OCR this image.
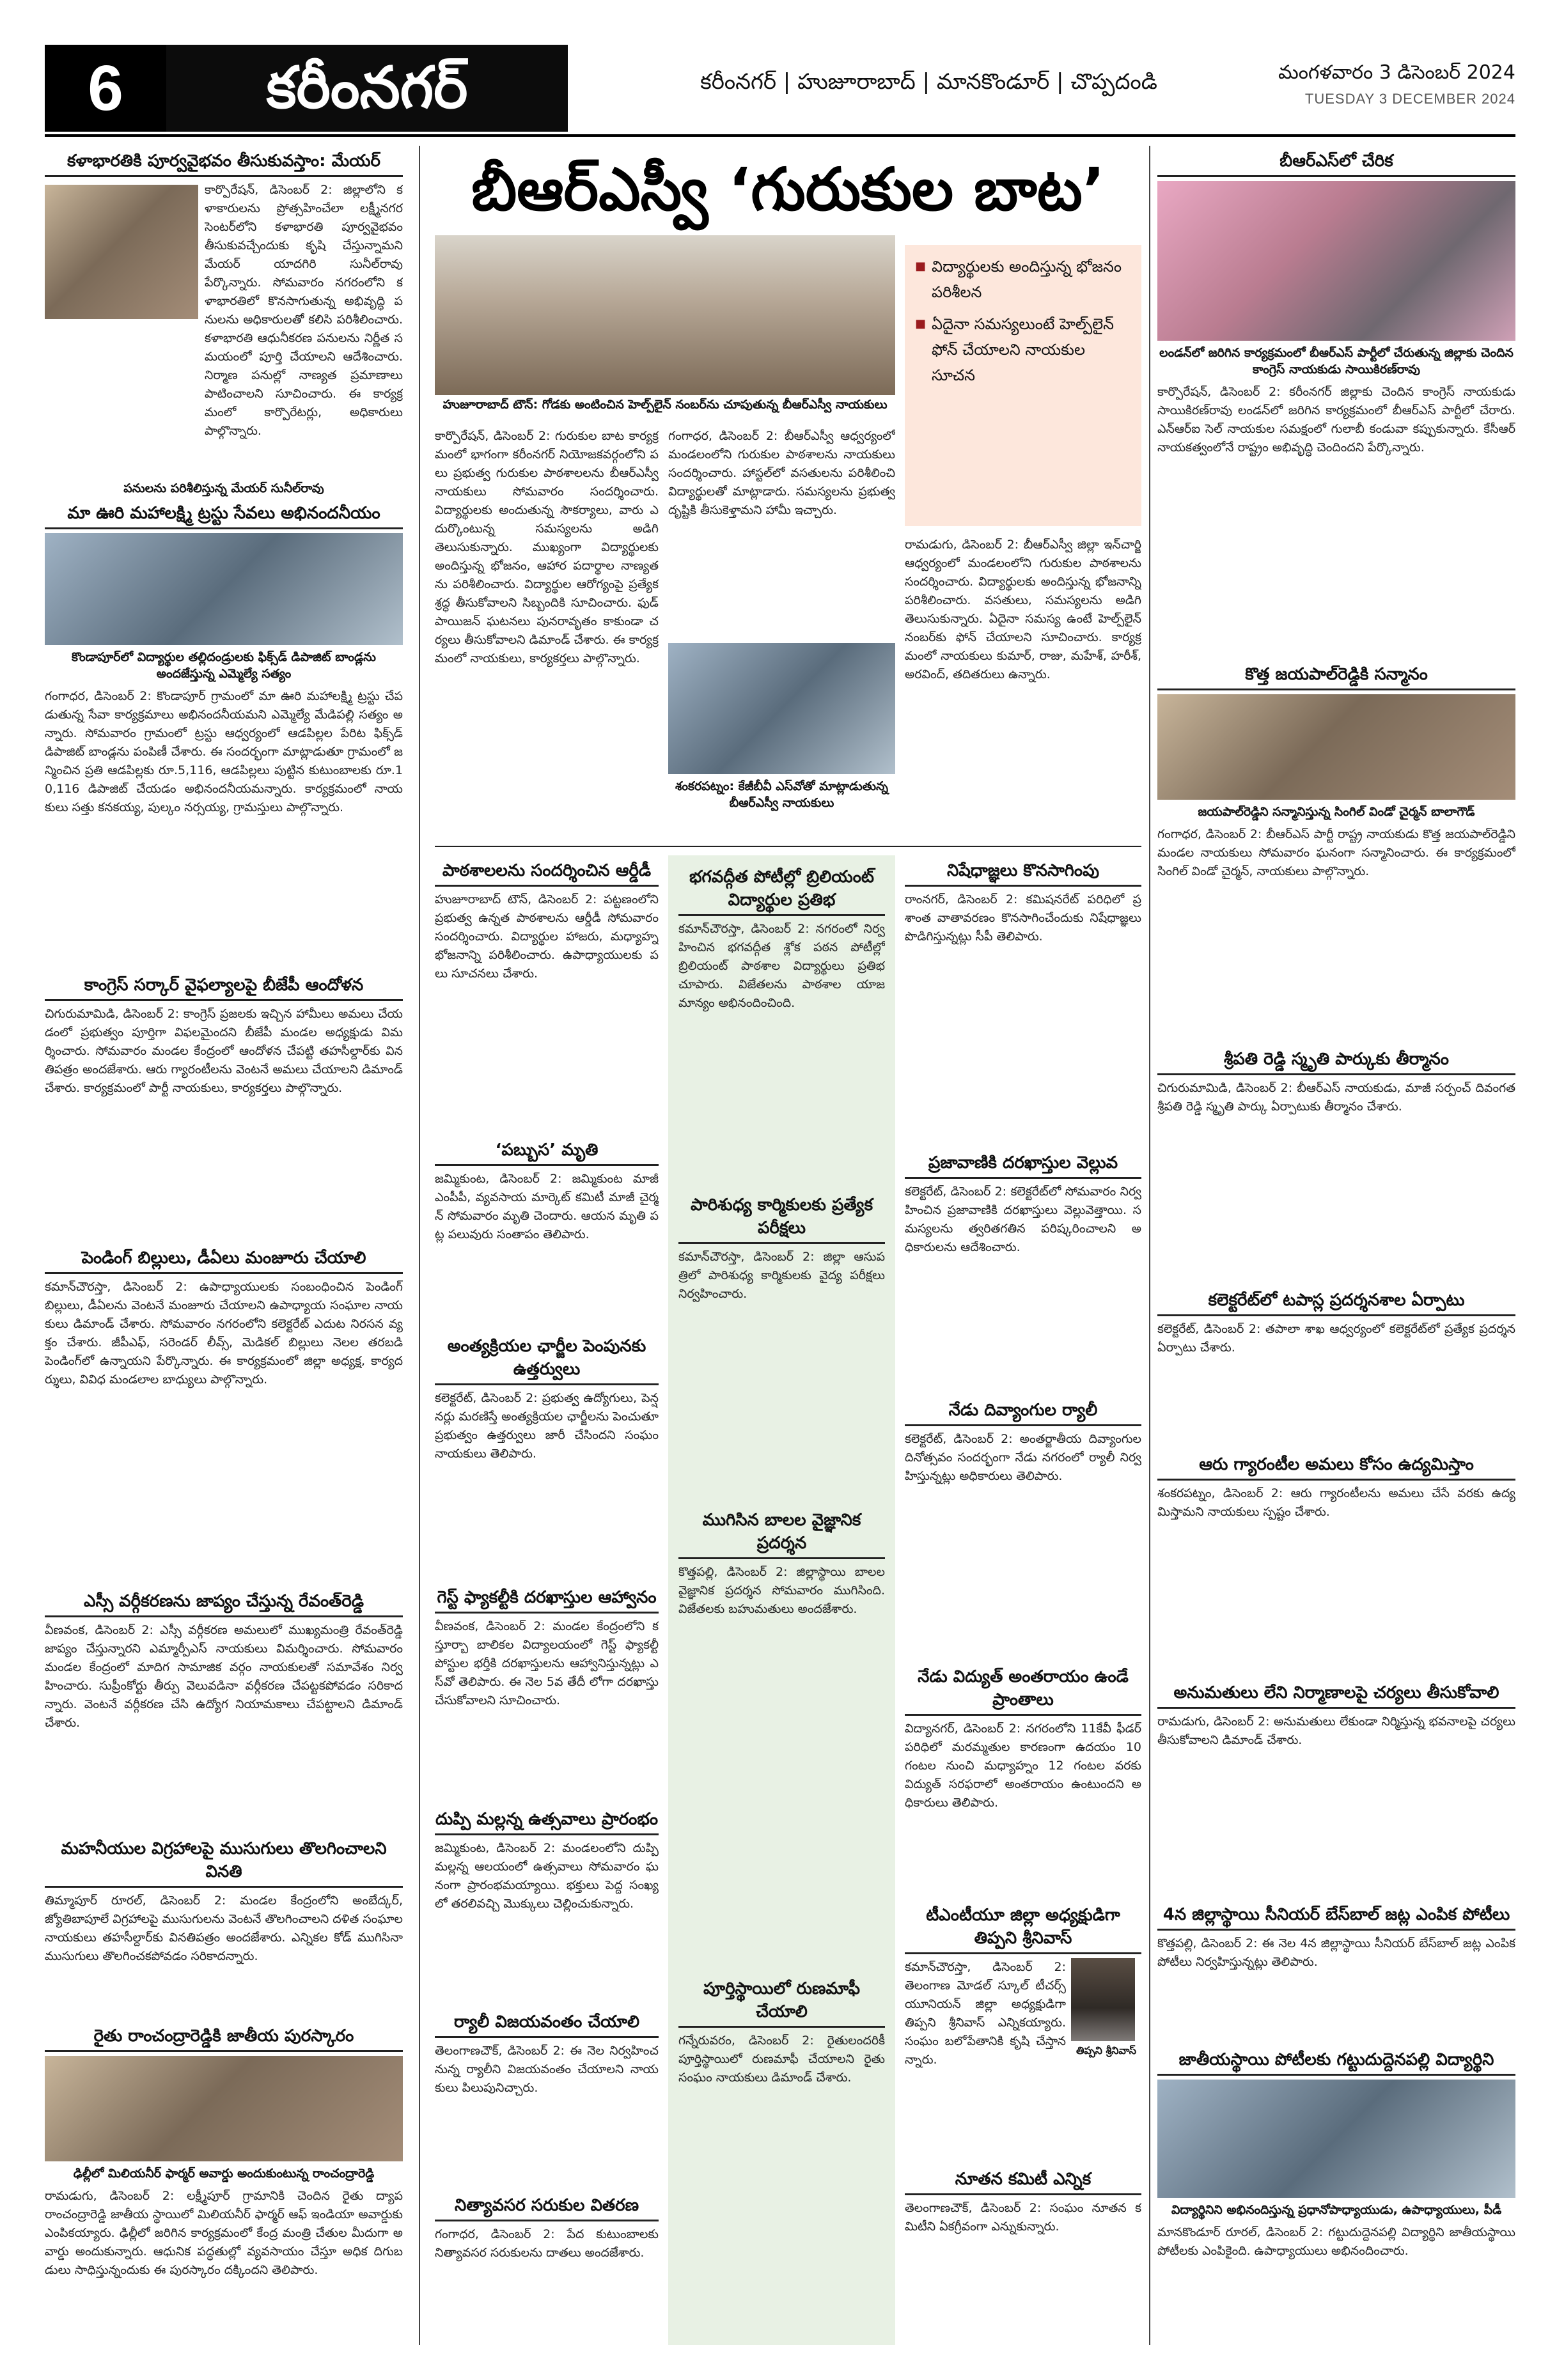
6	కరీంనగర్	కరీంనగర్ | హుజూరాబాద్ | మానకొండూర్ | చొప్పదండి	మంగళవారం 3 డిసెంబర్ 2024
TUESDAY 3 DECEMBER 2024
కళాభారతికి పూర్వవైభవం తీసుకువస్తాం: మేయర్
కార్పొరేషన్, డిసెంబర్ 2: జిల్లాలోని కళాకారులను ప్రోత్సహించేలా లక్ష్మీనగర సెంటర్‌లోని కళాభారతి పూర్వవైభవం తీసుకువచ్చేందుకు కృషి చేస్తున్నామని మేయర్ యాదగిరి సునీల్‌రావు పేర్కొన్నారు. సోమవారం నగరంలోని కళాభారతిలో కొనసాగుతున్న అభివృద్ధి పనులను అధికారులతో కలిసి పరిశీలించారు. కళాభారతి ఆధునీకరణ పనులను నిర్ణీత సమయంలో పూర్తి చేయాలని ఆదేశించారు. నిర్మాణ పనుల్లో నాణ్యత ప్రమాణాలు పాటించాలని సూచించారు. ఈ కార్యక్రమంలో కార్పొరేటర్లు, అధికారులు పాల్గొన్నారు.
పనులను పరిశీలిస్తున్న మేయర్ సునీల్‌రావు
మా ఊరి మహాలక్ష్మి ట్రస్టు సేవలు అభినందనీయం
కొండాపూర్‌లో విద్యార్థుల తల్లిదండ్రులకు ఫిక్స్‌డ్ డిపాజిట్ బాండ్లను అందజేస్తున్న ఎమ్మెల్యే సత్యం
గంగాధర, డిసెంబర్ 2: కొండాపూర్ గ్రామంలో మా ఊరి మహాలక్ష్మి ట్రస్టు చేపడుతున్న సేవా కార్యక్రమాలు అభినందనీయమని ఎమ్మెల్యే మేడిపల్లి సత్యం అన్నారు. సోమవారం గ్రామంలో ట్రస్టు ఆధ్వర్యంలో ఆడపిల్లల పేరిట ఫిక్స్‌డ్ డిపాజిట్ బాండ్లను పంపిణీ చేశారు. ఈ సందర్భంగా మాట్లాడుతూ గ్రామంలో జన్మించిన ప్రతి ఆడపిల్లకు రూ.5,116, ఆడపిల్లలు పుట్టిన కుటుంబాలకు రూ.10,116 డిపాజిట్ చేయడం అభినందనీయమన్నారు. కార్యక్రమంలో నాయకులు సత్తు కనకయ్య, పుల్కం నర్సయ్య, గ్రామస్తులు పాల్గొన్నారు.
కాంగ్రెస్ సర్కార్ వైఫల్యాలపై బీజేపీ ఆందోళన
చిగురుమామిడి, డిసెంబర్ 2: కాంగ్రెస్ ప్రజలకు ఇచ్చిన హామీలు అమలు చేయడంలో ప్రభుత్వం పూర్తిగా విఫలమైందని బీజేపీ మండల అధ్యక్షుడు విమర్శించారు. సోమవారం మండల కేంద్రంలో ఆందోళన చేపట్టి తహసీల్దార్‌కు వినతిపత్రం అందజేశారు. ఆరు గ్యారంటీలను వెంటనే అమలు చేయాలని డిమాండ్ చేశారు. కార్యక్రమంలో పార్టీ నాయకులు, కార్యకర్తలు పాల్గొన్నారు.
పెండింగ్ బిల్లులు, డీఏలు మంజూరు చేయాలి
కమాన్‌చౌరస్తా, డిసెంబర్ 2: ఉపాధ్యాయులకు సంబంధించిన పెండింగ్ బిల్లులు, డీఏలను వెంటనే మంజూరు చేయాలని ఉపాధ్యాయ సంఘాల నాయకులు డిమాండ్ చేశారు. సోమవారం నగరంలోని కలెక్టరేట్ ఎదుట నిరసన వ్యక్తం చేశారు. జీపీఎఫ్, సరెండర్ లీవ్స్, మెడికల్ బిల్లులు నెలల తరబడి పెండింగ్‌లో ఉన్నాయని పేర్కొన్నారు. ఈ కార్యక్రమంలో జిల్లా అధ్యక్ష, కార్యదర్శులు, వివిధ మండలాల బాధ్యులు పాల్గొన్నారు.
ఎస్సీ వర్గీకరణను జాప్యం చేస్తున్న రేవంత్‌రెడ్డి
వీణవంక, డిసెంబర్ 2: ఎస్సీ వర్గీకరణ అమలులో ముఖ్యమంత్రి రేవంత్‌రెడ్డి జాప్యం చేస్తున్నారని ఎమ్మార్పీఎస్ నాయకులు విమర్శించారు. సోమవారం మండల కేంద్రంలో మాదిగ సామాజిక వర్గం నాయకులతో సమావేశం నిర్వహించారు. సుప్రీంకోర్టు తీర్పు వెలువడినా వర్గీకరణ చేపట్టకపోవడం సరికాదన్నారు. వెంటనే వర్గీకరణ చేసి ఉద్యోగ నియామకాలు చేపట్టాలని డిమాండ్ చేశారు.
మహనీయుల విగ్రహాలపై ముసుగులు తొలగించాలని వినతి
తిమ్మాపూర్ రూరల్, డిసెంబర్ 2: మండల కేంద్రంలోని అంబేద్కర్, జ్యోతిబాపూలే విగ్రహాలపై ముసుగులను వెంటనే తొలగించాలని దళిత సంఘాల నాయకులు తహసీల్దార్‌కు వినతిపత్రం అందజేశారు. ఎన్నికల కోడ్ ముగిసినా ముసుగులు తొలగించకపోవడం సరికాదన్నారు.
రైతు రాంచంద్రారెడ్డికి జాతీయ పురస్కారం
ఢిల్లీలో మిలియనీర్ ఫార్మర్ అవార్డు అందుకుంటున్న రాంచంద్రారెడ్డి
రామడుగు, డిసెంబర్ 2: లక్ష్మీపూర్ గ్రామానికి చెందిన రైతు ద్యాప రాంచంద్రారెడ్డి జాతీయ స్థాయిలో మిలియనీర్ ఫార్మర్ ఆఫ్ ఇండియా అవార్డుకు ఎంపికయ్యారు. ఢిల్లీలో జరిగిన కార్యక్రమంలో కేంద్ర మంత్రి చేతుల మీదుగా అవార్డు అందుకున్నారు. ఆధునిక పద్ధతుల్లో వ్యవసాయం చేస్తూ అధిక దిగుబడులు సాధిస్తున్నందుకు ఈ పురస్కారం దక్కిందని తెలిపారు.
బీఆర్ఎస్వీ ‘గురుకుల బాట’
హుజూరాబాద్ టౌన్: గోడకు అంటించిన హెల్ప్‌లైన్ నంబర్‌ను చూపుతున్న బీఆర్ఎస్వీ నాయకులు
■ విద్యార్థులకు అందిస్తున్న భోజనం పరిశీలన
■ ఏదైనా సమస్యలుంటే హెల్ప్‌లైన్ ఫోన్ చేయాలని నాయకుల సూచన
కార్పొరేషన్, డిసెంబర్ 2: గురుకుల బాట కార్యక్రమంలో భాగంగా కరీంనగర్ నియోజకవర్గంలోని పలు ప్రభుత్వ గురుకుల పాఠశాలలను బీఆర్ఎస్వీ నాయకులు సోమవారం సందర్శించారు. విద్యార్థులకు అందుతున్న సౌకర్యాలు, వారు ఎదుర్కొంటున్న సమస్యలను అడిగి తెలుసుకున్నారు. ముఖ్యంగా విద్యార్థులకు అందిస్తున్న భోజనం, ఆహార పదార్థాల నాణ్యతను పరిశీలించారు. విద్యార్థుల ఆరోగ్యంపై ప్రత్యేక శ్రద్ధ తీసుకోవాలని సిబ్బందికి సూచించారు. ఫుడ్ పాయిజన్ ఘటనలు పునరావృతం కాకుండా చర్యలు తీసుకోవాలని డిమాండ్ చేశారు. ఈ కార్యక్రమంలో నాయకులు, కార్యకర్తలు పాల్గొన్నారు.
గంగాధర, డిసెంబర్ 2: బీఆర్ఎస్వీ ఆధ్వర్యంలో మండలంలోని గురుకుల పాఠశాలను నాయకులు సందర్శించారు. హాస్టల్‌లో వసతులను పరిశీలించి విద్యార్థులతో మాట్లాడారు. సమస్యలను ప్రభుత్వ దృష్టికి తీసుకెళ్తామని హామీ ఇచ్చారు.
శంకరపట్నం: కేజీబీవీ ఎస్‌వోతో మాట్లాడుతున్న బీఆర్ఎస్వీ నాయకులు
రామడుగు, డిసెంబర్ 2: బీఆర్ఎస్వీ జిల్లా ఇన్‌చార్జి ఆధ్వర్యంలో మండలంలోని గురుకుల పాఠశాలను సందర్శించారు. విద్యార్థులకు అందిస్తున్న భోజనాన్ని పరిశీలించారు. వసతులు, సమస్యలను అడిగి తెలుసుకున్నారు. ఏదైనా సమస్య ఉంటే హెల్ప్‌లైన్ నంబర్‌కు ఫోన్ చేయాలని సూచించారు. కార్యక్రమంలో నాయకులు కుమార్, రాజు, మహేశ్, హరీశ్, అరవింద్, తదితరులు ఉన్నారు.
పాఠశాలలను సందర్శించిన ఆర్డీడీ
హుజూరాబాద్ టౌన్, డిసెంబర్ 2: పట్టణంలోని ప్రభుత్వ ఉన్నత పాఠశాలను ఆర్డీడీ సోమవారం సందర్శించారు. విద్యార్థుల హాజరు, మధ్యాహ్న భోజనాన్ని పరిశీలించారు. ఉపాధ్యాయులకు పలు సూచనలు చేశారు.
‘పబ్బుస’ మృతి
జమ్మికుంట, డిసెంబర్ 2: జమ్మికుంట మాజీ ఎంపీపీ, వ్యవసాయ మార్కెట్ కమిటీ మాజీ చైర్మన్ సోమవారం మృతి చెందారు. ఆయన మృతి పట్ల పలువురు సంతాపం తెలిపారు.
అంత్యక్రియల ఛార్జీల పెంపునకు ఉత్తర్వులు
కలెక్టరేట్, డిసెంబర్ 2: ప్రభుత్వ ఉద్యోగులు, పెన్షనర్లు మరణిస్తే అంత్యక్రియల ఛార్జీలను పెంచుతూ ప్రభుత్వం ఉత్తర్వులు జారీ చేసిందని సంఘం నాయకులు తెలిపారు.
గెస్ట్ ఫ్యాకల్టీకి దరఖాస్తుల ఆహ్వానం
వీణవంక, డిసెంబర్ 2: మండల కేంద్రంలోని కస్తూర్బా బాలికల విద్యాలయంలో గెస్ట్ ఫ్యాకల్టీ పోస్టుల భర్తీకి దరఖాస్తులను ఆహ్వానిస్తున్నట్లు ఎస్‌వో తెలిపారు. ఈ నెల 5వ తేదీ లోగా దరఖాస్తు చేసుకోవాలని సూచించారు.
దుప్పి మల్లన్న ఉత్సవాలు ప్రారంభం
జమ్మికుంట, డిసెంబర్ 2: మండలంలోని దుప్పి మల్లన్న ఆలయంలో ఉత్సవాలు సోమవారం ఘనంగా ప్రారంభమయ్యాయి. భక్తులు పెద్ద సంఖ్యలో తరలివచ్చి మొక్కులు చెల్లించుకున్నారు.
ర్యాలీ విజయవంతం చేయాలి
తెలంగాణచౌక్, డిసెంబర్ 2: ఈ నెల నిర్వహించనున్న ర్యాలీని విజయవంతం చేయాలని నాయకులు పిలుపునిచ్చారు.
నిత్యావసర సరుకుల వితరణ
గంగాధర, డిసెంబర్ 2: పేద కుటుంబాలకు నిత్యావసర సరుకులను దాతలు అందజేశారు.
భగవద్గీత పోటీల్లో బ్రిలియంట్ విద్యార్థుల ప్రతిభ
కమాన్‌చౌరస్తా, డిసెంబర్ 2: నగరంలో నిర్వహించిన భగవద్గీత శ్లోక పఠన పోటీల్లో బ్రిలియంట్ పాఠశాల విద్యార్థులు ప్రతిభ చూపారు. విజేతలను పాఠశాల యాజమాన్యం అభినందించింది.
పారిశుధ్య కార్మికులకు ప్రత్యేక పరీక్షలు
కమాన్‌చౌరస్తా, డిసెంబర్ 2: జిల్లా ఆసుపత్రిలో పారిశుధ్య కార్మికులకు వైద్య పరీక్షలు నిర్వహించారు.
ముగిసిన బాలల వైజ్ఞానిక ప్రదర్శన
కొత్తపల్లి, డిసెంబర్ 2: జిల్లాస్థాయి బాలల వైజ్ఞానిక ప్రదర్శన సోమవారం ముగిసింది. విజేతలకు బహుమతులు అందజేశారు.
పూర్తిస్థాయిలో రుణమాఫీ చేయాలి
గన్నేరువరం, డిసెంబర్ 2: రైతులందరికీ పూర్తిస్థాయిలో రుణమాఫీ చేయాలని రైతు సంఘం నాయకులు డిమాండ్ చేశారు.
నిషేధాజ్ఞలు కొనసాగింపు
రాంనగర్, డిసెంబర్ 2: కమిషనరేట్ పరిధిలో ప్రశాంత వాతావరణం కొనసాగించేందుకు నిషేధాజ్ఞలు పొడిగిస్తున్నట్లు సీపీ తెలిపారు.
ప్రజావాణికి దరఖాస్తుల వెల్లువ
కలెక్టరేట్, డిసెంబర్ 2: కలెక్టరేట్‌లో సోమవారం నిర్వహించిన ప్రజావాణికి దరఖాస్తులు వెల్లువెత్తాయి. సమస్యలను త్వరితగతిన పరిష్కరించాలని అధికారులను ఆదేశించారు.
నేడు దివ్యాంగుల ర్యాలీ
కలెక్టరేట్, డిసెంబర్ 2: అంతర్జాతీయ దివ్యాంగుల దినోత్సవం సందర్భంగా నేడు నగరంలో ర్యాలీ నిర్వహిస్తున్నట్లు అధికారులు తెలిపారు.
నేడు విద్యుత్ అంతరాయం ఉండే ప్రాంతాలు
విద్యానగర్, డిసెంబర్ 2: నగరంలోని 11కేవీ ఫీడర్ పరిధిలో మరమ్మతుల కారణంగా ఉదయం 10 గంటల నుంచి మధ్యాహ్నం 12 గంటల వరకు విద్యుత్ సరఫరాలో అంతరాయం ఉంటుందని అధికారులు తెలిపారు.
టీఎంటీయూ జిల్లా అధ్యక్షుడిగా తిప్పని శ్రీనివాస్
తిప్పని శ్రీనివాస్
కమాన్‌చౌరస్తా, డిసెంబర్ 2: తెలంగాణ మోడల్ స్కూల్ టీచర్స్ యూనియన్ జిల్లా అధ్యక్షుడిగా తిప్పని శ్రీనివాస్ ఎన్నికయ్యారు. సంఘం బలోపేతానికి కృషి చేస్తానన్నారు.
నూతన కమిటీ ఎన్నిక
తెలంగాణచౌక్, డిసెంబర్ 2: సంఘం నూతన కమిటీని ఏకగ్రీవంగా ఎన్నుకున్నారు.
బీఆర్ఎస్‌లో చేరిక
లండన్‌లో జరిగిన కార్యక్రమంలో బీఆర్ఎస్ పార్టీలో చేరుతున్న జిల్లాకు చెందిన కాంగ్రెస్ నాయకుడు సాయికిరణ్‌రావు
కార్పొరేషన్, డిసెంబర్ 2: కరీంనగర్ జిల్లాకు చెందిన కాంగ్రెస్ నాయకుడు సాయికిరణ్‌రావు లండన్‌లో జరిగిన కార్యక్రమంలో బీఆర్ఎస్ పార్టీలో చేరారు. ఎన్‌ఆర్‌ఐ సెల్ నాయకుల సమక్షంలో గులాబీ కండువా కప్పుకున్నారు. కేసీఆర్ నాయకత్వంలోనే రాష్ట్రం అభివృద్ధి చెందిందని పేర్కొన్నారు.
కొత్త జయపాల్‌రెడ్డికి సన్మానం
జయపాల్‌రెడ్డిని సన్మానిస్తున్న సింగిల్ విండో చైర్మన్ బాలాగౌడ్
గంగాధర, డిసెంబర్ 2: బీఆర్ఎస్ పార్టీ రాష్ట్ర నాయకుడు కొత్త జయపాల్‌రెడ్డిని మండల నాయకులు సోమవారం ఘనంగా సన్మానించారు. ఈ కార్యక్రమంలో సింగిల్ విండో చైర్మన్, నాయకులు పాల్గొన్నారు.
శ్రీపతి రెడ్డి స్మృతి పార్కుకు తీర్మానం
చిగురుమామిడి, డిసెంబర్ 2: బీఆర్ఎస్ నాయకుడు, మాజీ సర్పంచ్ దివంగత శ్రీపతి రెడ్డి స్మృతి పార్కు ఏర్పాటుకు తీర్మానం చేశారు.
కలెక్టరేట్‌లో టపాస్ల ప్రదర్శనశాల ఏర్పాటు
కలెక్టరేట్, డిసెంబర్ 2: తపాలా శాఖ ఆధ్వర్యంలో కలెక్టరేట్‌లో ప్రత్యేక ప్రదర్శన ఏర్పాటు చేశారు.
ఆరు గ్యారంటీల అమలు కోసం ఉద్యమిస్తాం
శంకరపట్నం, డిసెంబర్ 2: ఆరు గ్యారంటీలను అమలు చేసే వరకు ఉద్యమిస్తామని నాయకులు స్పష్టం చేశారు.
అనుమతులు లేని నిర్మాణాలపై చర్యలు తీసుకోవాలి
రామడుగు, డిసెంబర్ 2: అనుమతులు లేకుండా నిర్మిస్తున్న భవనాలపై చర్యలు తీసుకోవాలని డిమాండ్ చేశారు.
4న జిల్లాస్థాయి సీనియర్ బేస్‌బాల్ జట్ల ఎంపిక పోటీలు
కొత్తపల్లి, డిసెంబర్ 2: ఈ నెల 4న జిల్లాస్థాయి సీనియర్ బేస్‌బాల్ జట్ల ఎంపిక పోటీలు నిర్వహిస్తున్నట్లు తెలిపారు.
జాతీయస్థాయి పోటీలకు గట్టుదుద్దెనపల్లి విద్యార్థిని
విద్యార్థినిని అభినందిస్తున్న ప్రధానోపాధ్యాయుడు, ఉపాధ్యాయులు, పీడీ
మానకొండూర్ రూరల్, డిసెంబర్ 2: గట్టుదుద్దెనపల్లి విద్యార్థిని జాతీయస్థాయి పోటీలకు ఎంపికైంది. ఉపాధ్యాయులు అభినందించారు.
